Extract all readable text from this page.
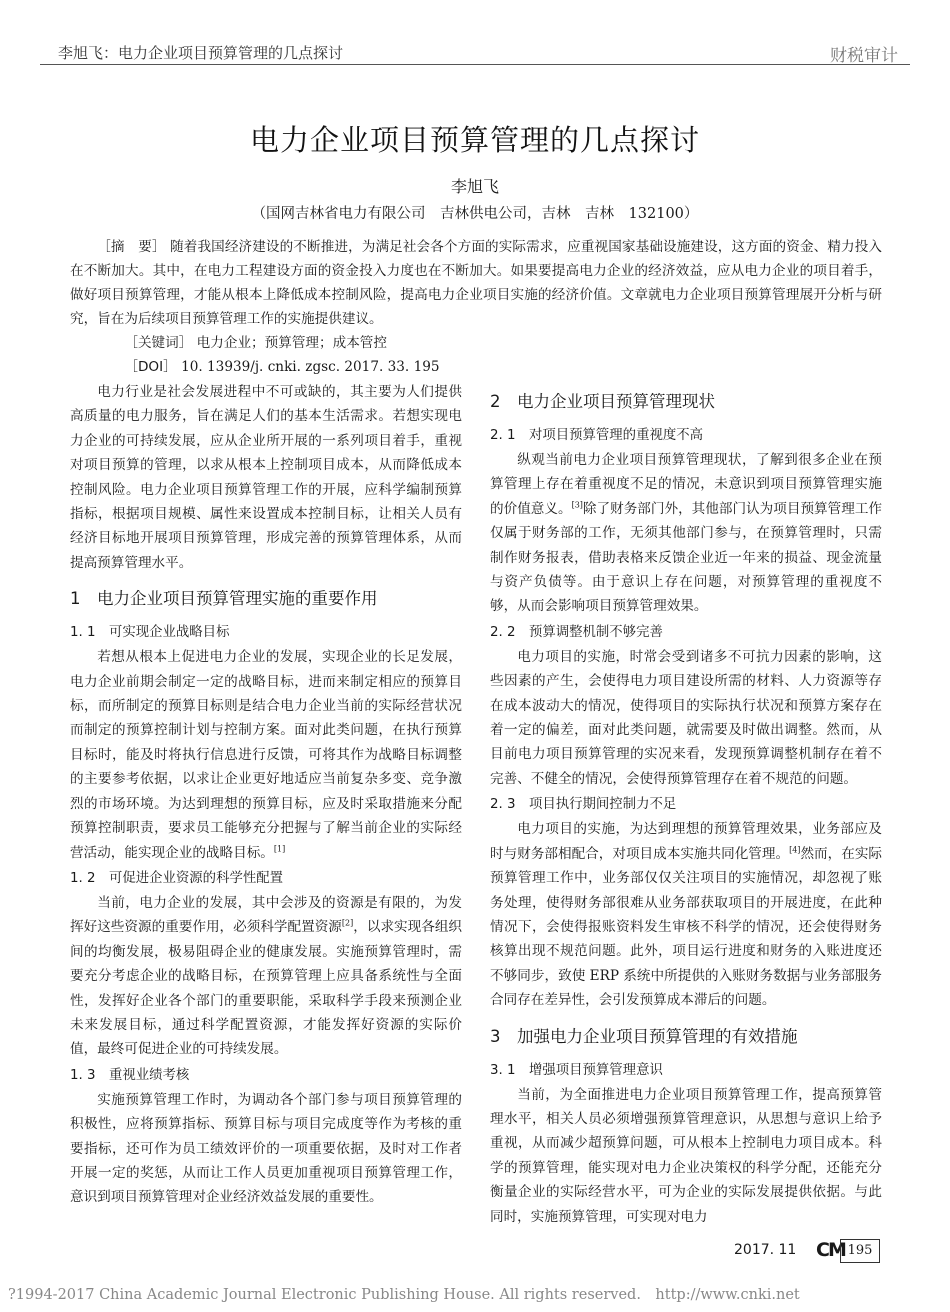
李旭飞：电力企业项目预算管理的几点探讨	财税审计
电力企业项目预算管理的几点探讨
李旭飞
（国网吉林省电力有限公司　吉林供电公司，吉林　吉林　132100）

［摘　要］ 随着我国经济建设的不断推进，为满足社会各个方面的实际需求，应重视国家基础设施建设，这方面的资金、精力投入在不断加大。其中，在电力工程建设方面的资金投入力度也在不断加大。如果要提高电力企业的经济效益，应从电力企业的项目着手，做好项目预算管理，才能从根本上降低成本控制风险，提高电力企业项目实施的经济价值。文章就电力企业项目预算管理展开分析与研究，旨在为后续项目预算管理工作的实施提供建议。

［关键词］ 电力企业；预算管理；成本管控

［DOI］ 10. 13939/j. cnki. zgsc. 2017. 33. 195

电力行业是社会发展进程中不可或缺的，其主要为人们提供高质量的电力服务，旨在满足人们的基本生活需求。若想实现电力企业的可持续发展，应从企业所开展的一系列项目着手，重视对项目预算的管理，以求从根本上控制项目成本，从而降低成本控制风险。电力企业项目预算管理工作的开展，应科学编制预算指标，根据项目规模、属性来设置成本控制目标，让相关人员有经济目标地开展项目预算管理，形成完善的预算管理体系，从而提高预算管理水平。

1　电力企业项目预算管理实施的重要作用
1. 1　可实现企业战略目标

若想从根本上促进电力企业的发展，实现企业的长足发展，电力企业前期会制定一定的战略目标，进而来制定相应的预算目标，而所制定的预算目标则是结合电力企业当前的实际经营状况而制定的预算控制计划与控制方案。面对此类问题，在执行预算目标时，能及时将执行信息进行反馈，可将其作为战略目标调整的主要参考依据，以求让企业更好地适应当前复杂多变、竞争激烈的市场环境。为达到理想的预算目标，应及时采取措施来分配预算控制职责，要求员工能够充分把握与了解当前企业的实际经营活动，能实现企业的战略目标。[1]

1. 2　可促进企业资源的科学性配置

当前，电力企业的发展，其中会涉及的资源是有限的，为发挥好这些资源的重要作用，必须科学配置资源[2]，以求实现各组织间的均衡发展，极易阻碍企业的健康发展。实施预算管理时，需要充分考虑企业的战略目标，在预算管理上应具备系统性与全面性，发挥好企业各个部门的重要职能，采取科学手段来预测企业未来发展目标，通过科学配置资源，才能发挥好资源的实际价值，最终可促进企业的可持续发展。

1. 3　重视业绩考核

实施预算管理工作时，为调动各个部门参与项目预算管理的积极性，应将预算指标、预算目标与项目完成度等作为考核的重要指标，还可作为员工绩效评价的一项重要依据，及时对工作者开展一定的奖惩，从而让工作人员更加重视项目预算管理工作，意识到项目预算管理对企业经济效益发展的重要性。

2　电力企业项目预算管理现状
2. 1　对项目预算管理的重视度不高

纵观当前电力企业项目预算管理现状，了解到很多企业在预算管理上存在着重视度不足的情况，未意识到项目预算管理实施的价值意义。[3]除了财务部门外，其他部门认为项目预算管理工作仅属于财务部的工作，无须其他部门参与，在预算管理时，只需制作财务报表，借助表格来反馈企业近一年来的损益、现金流量与资产负债等。由于意识上存在问题，对预算管理的重视度不够，从而会影响项目预算管理效果。

2. 2　预算调整机制不够完善

电力项目的实施，时常会受到诸多不可抗力因素的影响，这些因素的产生，会使得电力项目建设所需的材料、人力资源等存在成本波动大的情况，使得项目的实际执行状况和预算方案存在着一定的偏差，面对此类问题，就需要及时做出调整。然而，从目前电力项目预算管理的实况来看，发现预算调整机制存在着不完善、不健全的情况，会使得预算管理存在着不规范的问题。

2. 3　项目执行期间控制力不足

电力项目的实施，为达到理想的预算管理效果，业务部应及时与财务部相配合，对项目成本实施共同化管理。[4]然而，在实际预算管理工作中，业务部仅仅关注项目的实施情况，却忽视了账务处理，使得财务部很难从业务部获取项目的开展进度，在此种情况下，会使得报账资料发生审核不科学的情况，还会使得财务核算出现不规范问题。此外，项目运行进度和财务的入账进度还不够同步，致使 ERP 系统中所提供的入账财务数据与业务部服务合同存在差异性，会引发预算成本滞后的问题。

3　加强电力企业项目预算管理的有效措施
3. 1　增强项目预算管理意识

当前，为全面推进电力企业项目预算管理工作，提高预算管理水平，相关人员必须增强预算管理意识，从思想与意识上给予重视，从而减少超预算问题，可从根本上控制电力项目成本。科学的预算管理，能实现对电力企业决策权的科学分配，还能充分衡量企业的实际经营水平，可为企业的实际发展提供依据。与此同时，实施预算管理，可实现对电力

2017. 11 CM 195
?1994-2017 China Academic Journal Electronic Publishing House. All rights reserved.　http://www.cnki.net
